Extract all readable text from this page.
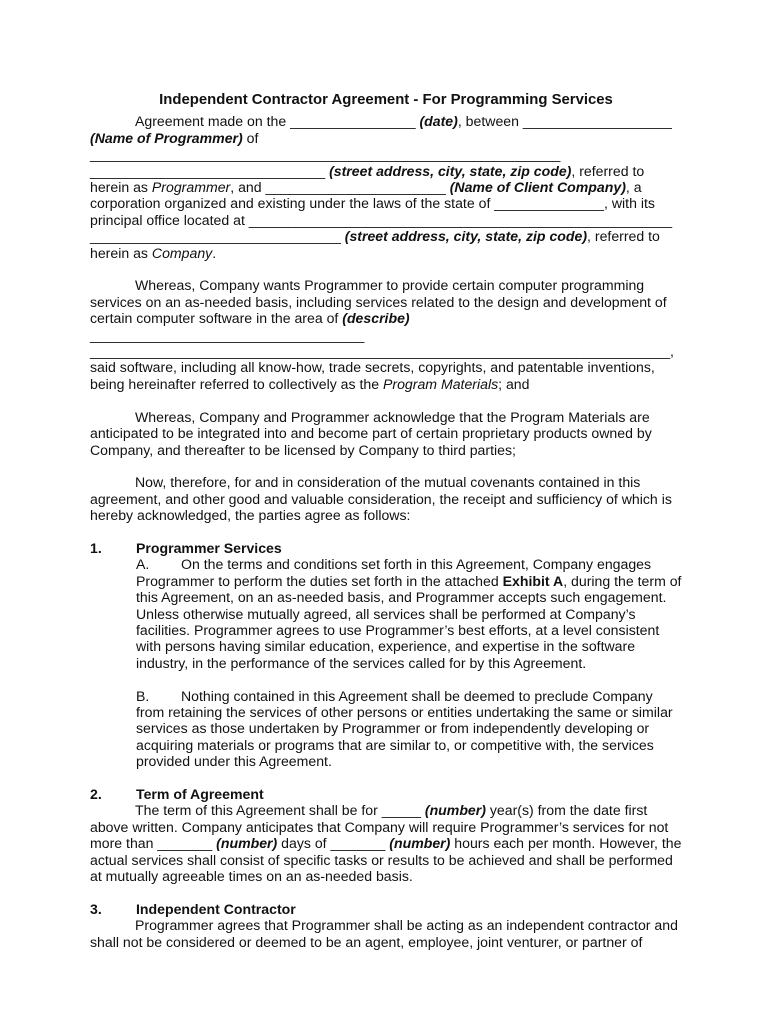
Independent Contractor Agreement - For Programming Services

Agreement made on the ________________ (date), between ___________________

(Name of Programmer) of ____________________________________________________________

______________________________ (street address, city, state, zip code), referred to

herein as Programmer, and _______________________ (Name of Client Company), a

corporation organized and existing under the laws of the state of ______________, with its

principal office located at ______________________________________________________

________________________________ (street address, city, state, zip code), referred to

herein as Company.

Whereas, Company wants Programmer to provide certain computer programming services on an as-needed basis, including services related to the design and development of certain computer software in the area of (describe) ___________________________________

__________________________________________________________________________,

said software, including all know-how, trade secrets, copyrights, and patentable inventions, being hereinafter referred to collectively as the Program Materials; and

Whereas, Company and Programmer acknowledge that the Program Materials are anticipated to be integrated into and become part of certain proprietary products owned by Company, and thereafter to be licensed by Company to third parties;

Now, therefore, for and in consideration of the mutual covenants contained in this agreement, and other good and valuable consideration, the receipt and sufficiency of which is hereby acknowledged, the parties agree as follows:

1.	Programmer Services

A. On the terms and conditions set forth in this Agreement, Company engages Programmer to perform the duties set forth in the attached Exhibit A, during the term of this Agreement, on an as-needed basis, and Programmer accepts such engagement. Unless otherwise mutually agreed, all services shall be performed at Company’s facilities. Programmer agrees to use Programmer’s best efforts, at a level consistent with persons having similar education, experience, and expertise in the software industry, in the performance of the services called for by this Agreement.

B. Nothing contained in this Agreement shall be deemed to preclude Company from retaining the services of other persons or entities undertaking the same or similar services as those undertaken by Programmer or from independently developing or acquiring materials or programs that are similar to, or competitive with, the services provided under this Agreement.

2.	Term of Agreement

The term of this Agreement shall be for _____ (number) year(s) from the date first above written. Company anticipates that Company will require Programmer’s services for not more than _______ (number) days of _______ (number) hours each per month. However, the actual services shall consist of specific tasks or results to be achieved and shall be performed at mutually agreeable times on an as-needed basis.

3.	Independent Contractor

Programmer agrees that Programmer shall be acting as an independent contractor and shall not be considered or deemed to be an agent, employee, joint venturer, or partner of
